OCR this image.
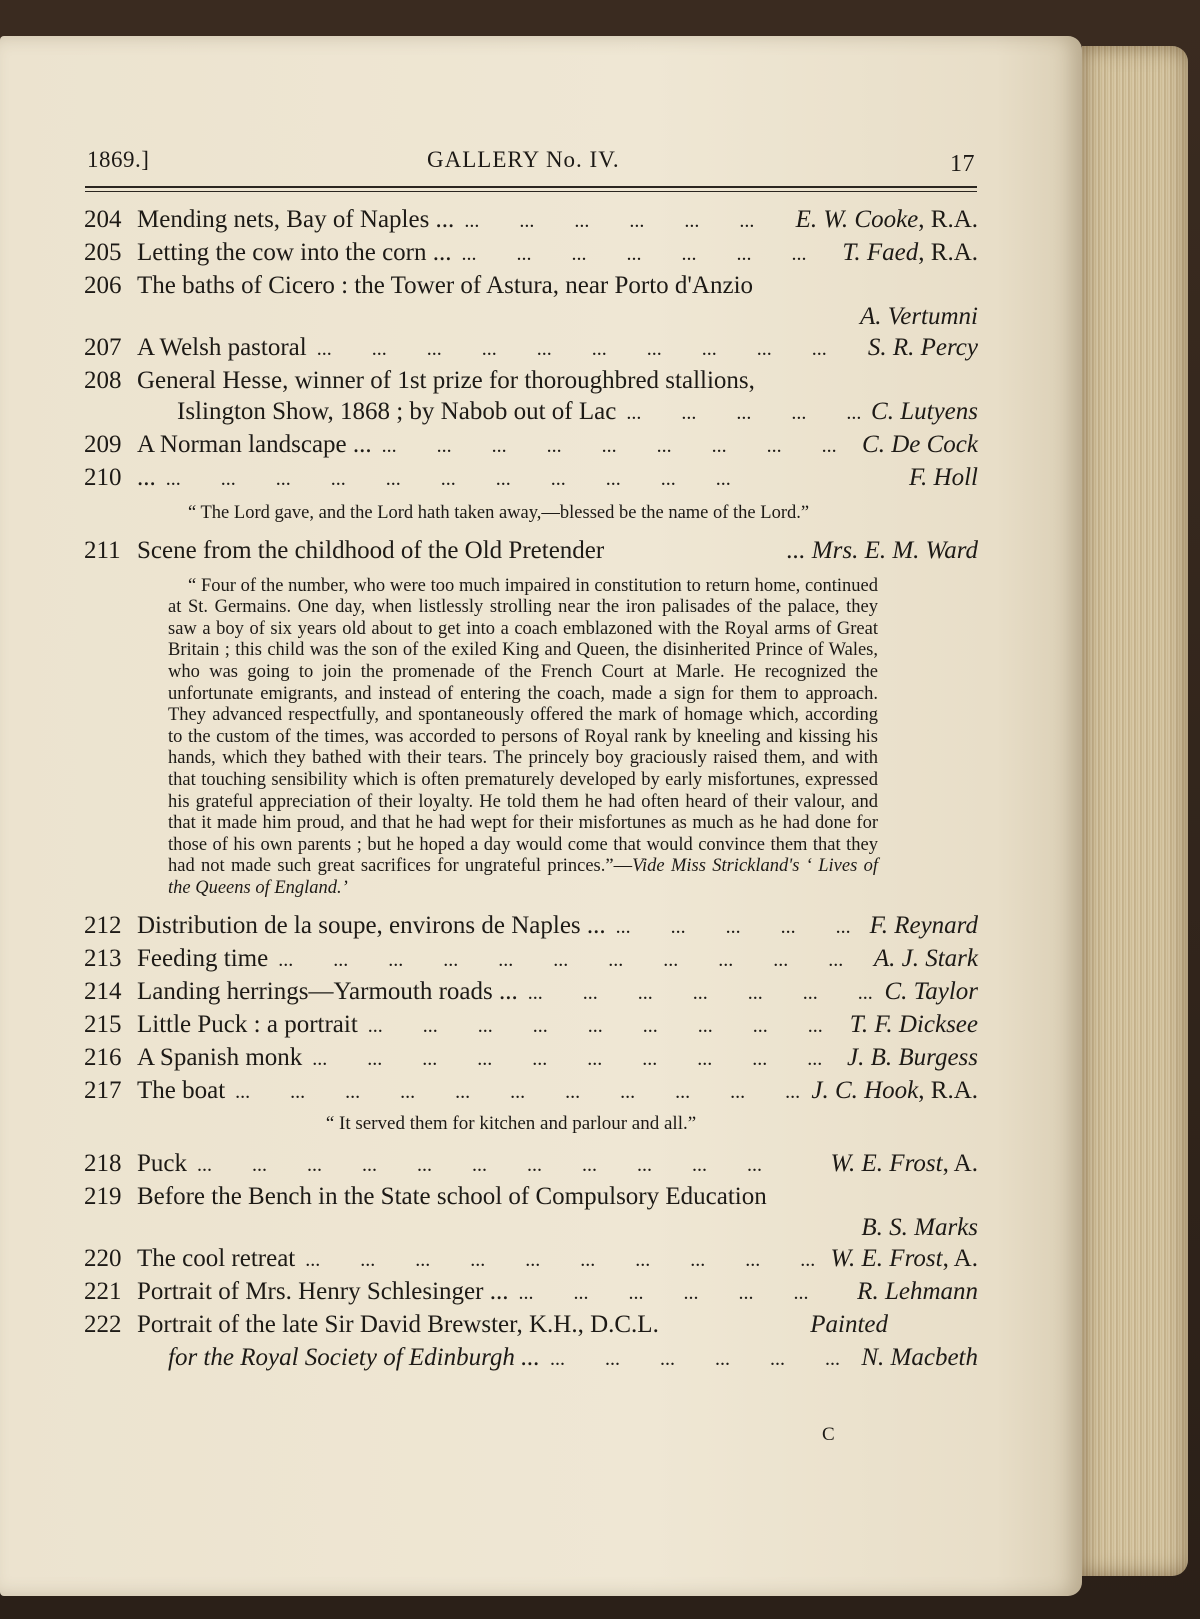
1869.]	GALLERY No. IV.	17
204 Mending nets, Bay of Naples ... ...	E. W. Cooke, R.A.
205 Letting the cow into the corn ... ...	T. Faed, R.A.
206 The baths of Cicero : the Tower of Astura, near Porto d'Anzio
A. Vertumni
207 A Welsh pastoral ...	S. R. Percy
208 General Hesse, winner of 1st prize for thoroughbred stallions,
Islington Show, 1868 ; by Nabob out of Lac ...	C. Lutyens
209 A Norman landscape ... ...	C. De Cock
210 ... ...	F. Holl
“ The Lord gave, and the Lord hath taken away,—blessed be the name of the Lord.”
211 Scene from the childhood of the Old Pretender	... Mrs. E. M. Ward
“ Four of the number, who were too much impaired in constitution to return home, continued at St. Germains. One day, when listlessly strolling near the iron palisades of the palace, they saw a boy of six years old about to get into a coach emblazoned with the Royal arms of Great Britain ; this child was the son of the exiled King and Queen, the disinherited Prince of Wales, who was going to join the promenade of the French Court at Marle. He recognized the unfortunate emigrants, and instead of entering the coach, made a sign for them to approach. They advanced respectfully, and spontaneously offered the mark of homage which, according to the custom of the times, was accorded to persons of Royal rank by kneeling and kissing his hands, which they bathed with their tears. The princely boy graciously raised them, and with that touching sensibility which is often prematurely developed by early misfortunes, expressed his grateful appreciation of their loyalty. He told them he had often heard of their valour, and that it made him proud, and that he had wept for their misfortunes as much as he had done for those of his own parents ; but he hoped a day would come that would convince them that they had not made such great sacrifices for ungrateful princes.”—Vide Miss Strickland's ‘ Lives of the Queens of England.’
212 Distribution de la soupe, environs de Naples ... ...	F. Reynard
213 Feeding time ...	A. J. Stark
214 Landing herrings—Yarmouth roads ... ...	C. Taylor
215 Little Puck : a portrait ...	T. F. Dicksee
216 A Spanish monk ...	J. B. Burgess
217 The boat ...	J. C. Hook, R.A.
“ It served them for kitchen and parlour and all.”
218 Puck ...	W. E. Frost, A.
219 Before the Bench in the State school of Compulsory Education
B. S. Marks
220 The cool retreat ...	W. E. Frost, A.
221 Portrait of Mrs. Henry Schlesinger ... ...	R. Lehmann
222 Portrait of the late Sir David Brewster, K.H., D.C.L.	Painted
for the Royal Society of Edinburgh ... ...	N. Macbeth
C
